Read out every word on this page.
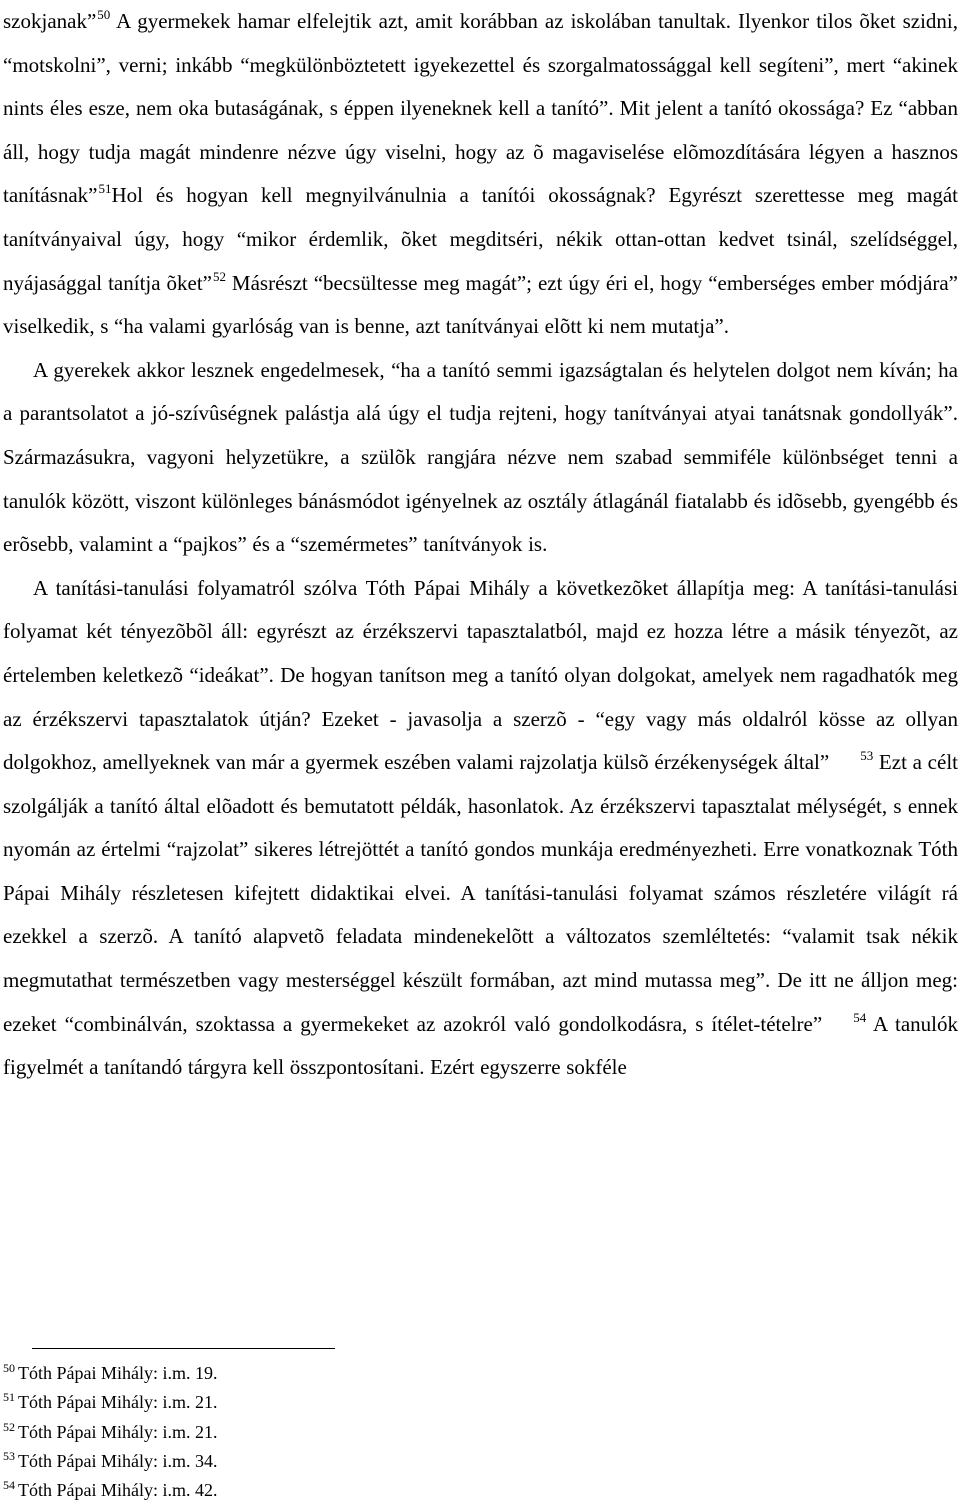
szokjanak”50 A gyermekek hamar elfelejtik azt, amit korábban az iskolában tanultak. Ilyenkor tilos õket szidni, “motskolni”, verni; inkább “megkülönböztetett igyekezettel és szorgalmatossággal kell segíteni”, mert “akinek nints éles esze, nem oka butaságának, s éppen ilyeneknek kell a tanító”. Mit jelent a tanító okossága? Ez “abban áll, hogy tudja magát mindenre nézve úgy viselni, hogy az õ magaviselése elõmozdítására légyen a hasznos tanításnak”51Hol és hogyan kell megnyilvánulnia a tanítói okosságnak? Egyrészt szerettesse meg magát tanítványaival úgy, hogy “mikor érdemlik, õket megditséri, nékik ottan-ottan kedvet tsinál, szelídséggel, nyájasággal tanítja õket”52 Másrészt “becsültesse meg magát”; ezt úgy éri el, hogy “emberséges ember módjára” viselkedik, s “ha valami gyarlóság van is benne, azt tanítványai elõtt ki nem mutatja”.

A gyerekek akkor lesznek engedelmesek, “ha a tanító semmi igazságtalan és helytelen dolgot nem kíván; ha a parantsolatot a jó-szívûségnek palástja alá úgy el tudja rejteni, hogy tanítványai atyai tanátsnak gondollyák”. Származásukra, vagyoni helyzetükre, a szülõk rangjára nézve nem szabad semmiféle különbséget tenni a tanulók között, viszont különleges bánásmódot igényelnek az osztály átlagánál fiatalabb és idõsebb, gyengébb és erõsebb, valamint a “pajkos” és a “szemérmetes” tanítványok is.

A tanítási-tanulási folyamatról szólva Tóth Pápai Mihály a következõket állapítja meg: A tanítási-tanulási folyamat két tényezõbõl áll: egyrészt az érzékszervi tapasztalatból, majd ez hozza létre a másik tényezõt, az értelemben keletkezõ “ideákat”. De hogyan tanítson meg a tanító olyan dolgokat, amelyek nem ragadhatók meg az érzékszervi tapasztalatok útján? Ezeket - javasolja a szerzõ - “egy vagy más oldalról kösse az ollyan dolgokhoz, amellyeknek van már a gyermek eszében valami rajzolatja külsõ érzékenységek által” 53 Ezt a célt szolgálják a tanító által elõadott és bemutatott példák, hasonlatok. Az érzékszervi tapasztalat mélységét, s ennek nyomán az értelmi “rajzolat” sikeres létrejöttét a tanító gondos munkája eredményezheti. Erre vonatkoznak Tóth Pápai Mihály részletesen kifejtett didaktikai elvei. A tanítási-tanulási folyamat számos részletére világít rá ezekkel a szerzõ. A tanító alapvetõ feladata mindenekelõtt a változatos szemléltetés: “valamit tsak nékik megmutathat természetben vagy mesterséggel készült formában, azt mind mutassa meg”. De itt ne álljon meg: ezeket “combinálván, szoktassa a gyermekeket az azokról való gondolkodásra, s ítélet-tételre” 54 A tanulók figyelmét a tanítandó tárgyra kell összpontosítani. Ezért egyszerre sokféle

50 Tóth Pápai Mihály: i.m. 19.
51 Tóth Pápai Mihály: i.m. 21.
52 Tóth Pápai Mihály: i.m. 21.
53 Tóth Pápai Mihály: i.m. 34.
54 Tóth Pápai Mihály: i.m. 42.
